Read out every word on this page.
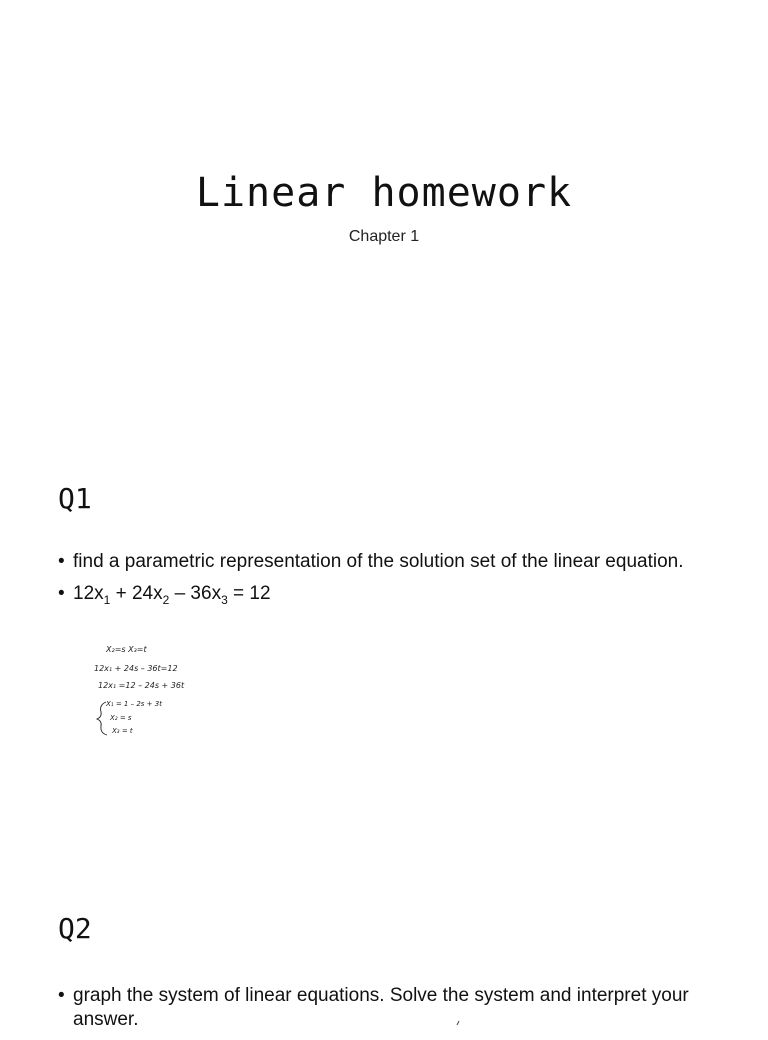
Linear homework
Chapter 1
Q1
• find a parametric representation of the solution set of the linear equation.
• $12x_1 + 24x_2 - 36x_3 = 12$
X₂=s X₃=t
12x₁ + 24s – 36t=12
12x₁ =12 – 24s + 36t
X₁ = 1 – 2s + 3t
X₂ = s
X₃ = t
Q2
• graph the system of linear equations. Solve the system and interpret your answer.
